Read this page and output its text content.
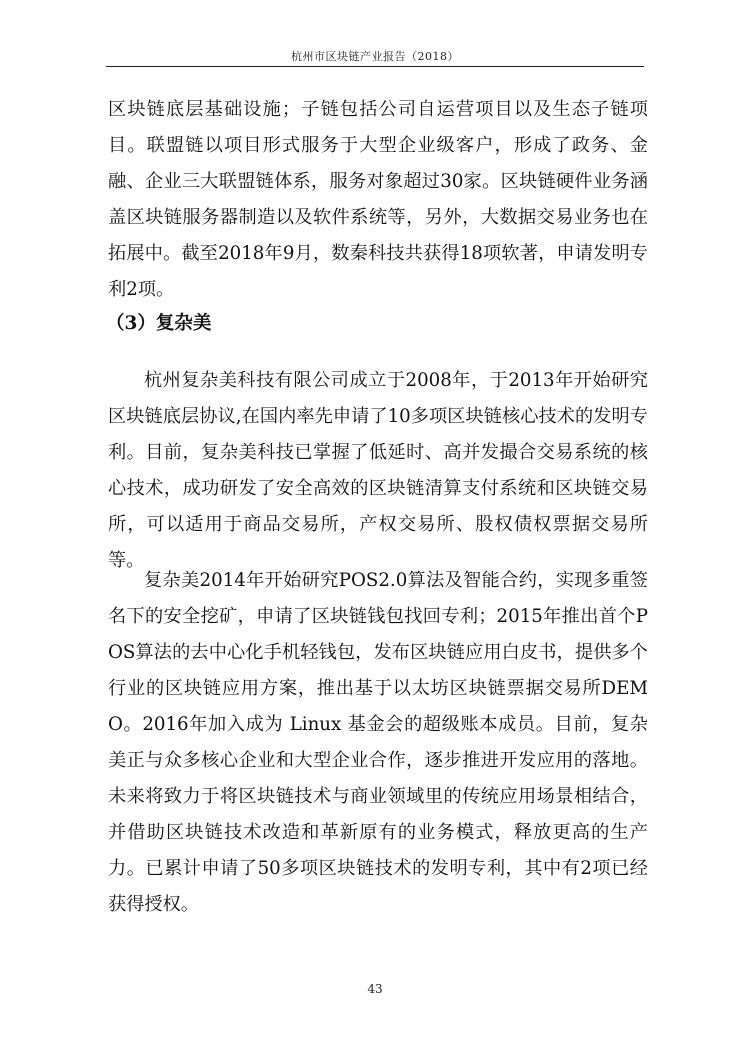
杭州市区块链产业报告（2018）

区块链底层基础设施；子链包括公司自运营项目以及生态子链项目。联盟链以项目形式服务于大型企业级客户，形成了政务、金融、企业三大联盟链体系，服务对象超过30家。区块链硬件业务涵盖区块链服务器制造以及软件系统等，另外，大数据交易业务也在拓展中。截至2018年9月，数秦科技共获得18项软著，申请发明专利2项。

（3）复杂美

杭州复杂美科技有限公司成立于2008年，于2013年开始研究区块链底层协议,在国内率先申请了10多项区块链核心技术的发明专利。目前，复杂美科技已掌握了低延时、高并发撮合交易系统的核心技术，成功研发了安全高效的区块链清算支付系统和区块链交易所，可以适用于商品交易所，产权交易所、股权债权票据交易所等。

复杂美2014年开始研究POS2.0算法及智能合约，实现多重签名下的安全挖矿，申请了区块链钱包找回专利；2015年推出首个POS算法的去中心化手机轻钱包，发布区块链应用白皮书，提供多个行业的区块链应用方案，推出基于以太坊区块链票据交易所DEMO。2016年加入成为 Linux 基金会的超级账本成员。目前，复杂美正与众多核心企业和大型企业合作，逐步推进开发应用的落地。未来将致力于将区块链技术与商业领域里的传统应用场景相结合，并借助区块链技术改造和革新原有的业务模式，释放更高的生产力。已累计申请了50多项区块链技术的发明专利，其中有2项已经获得授权。

43
